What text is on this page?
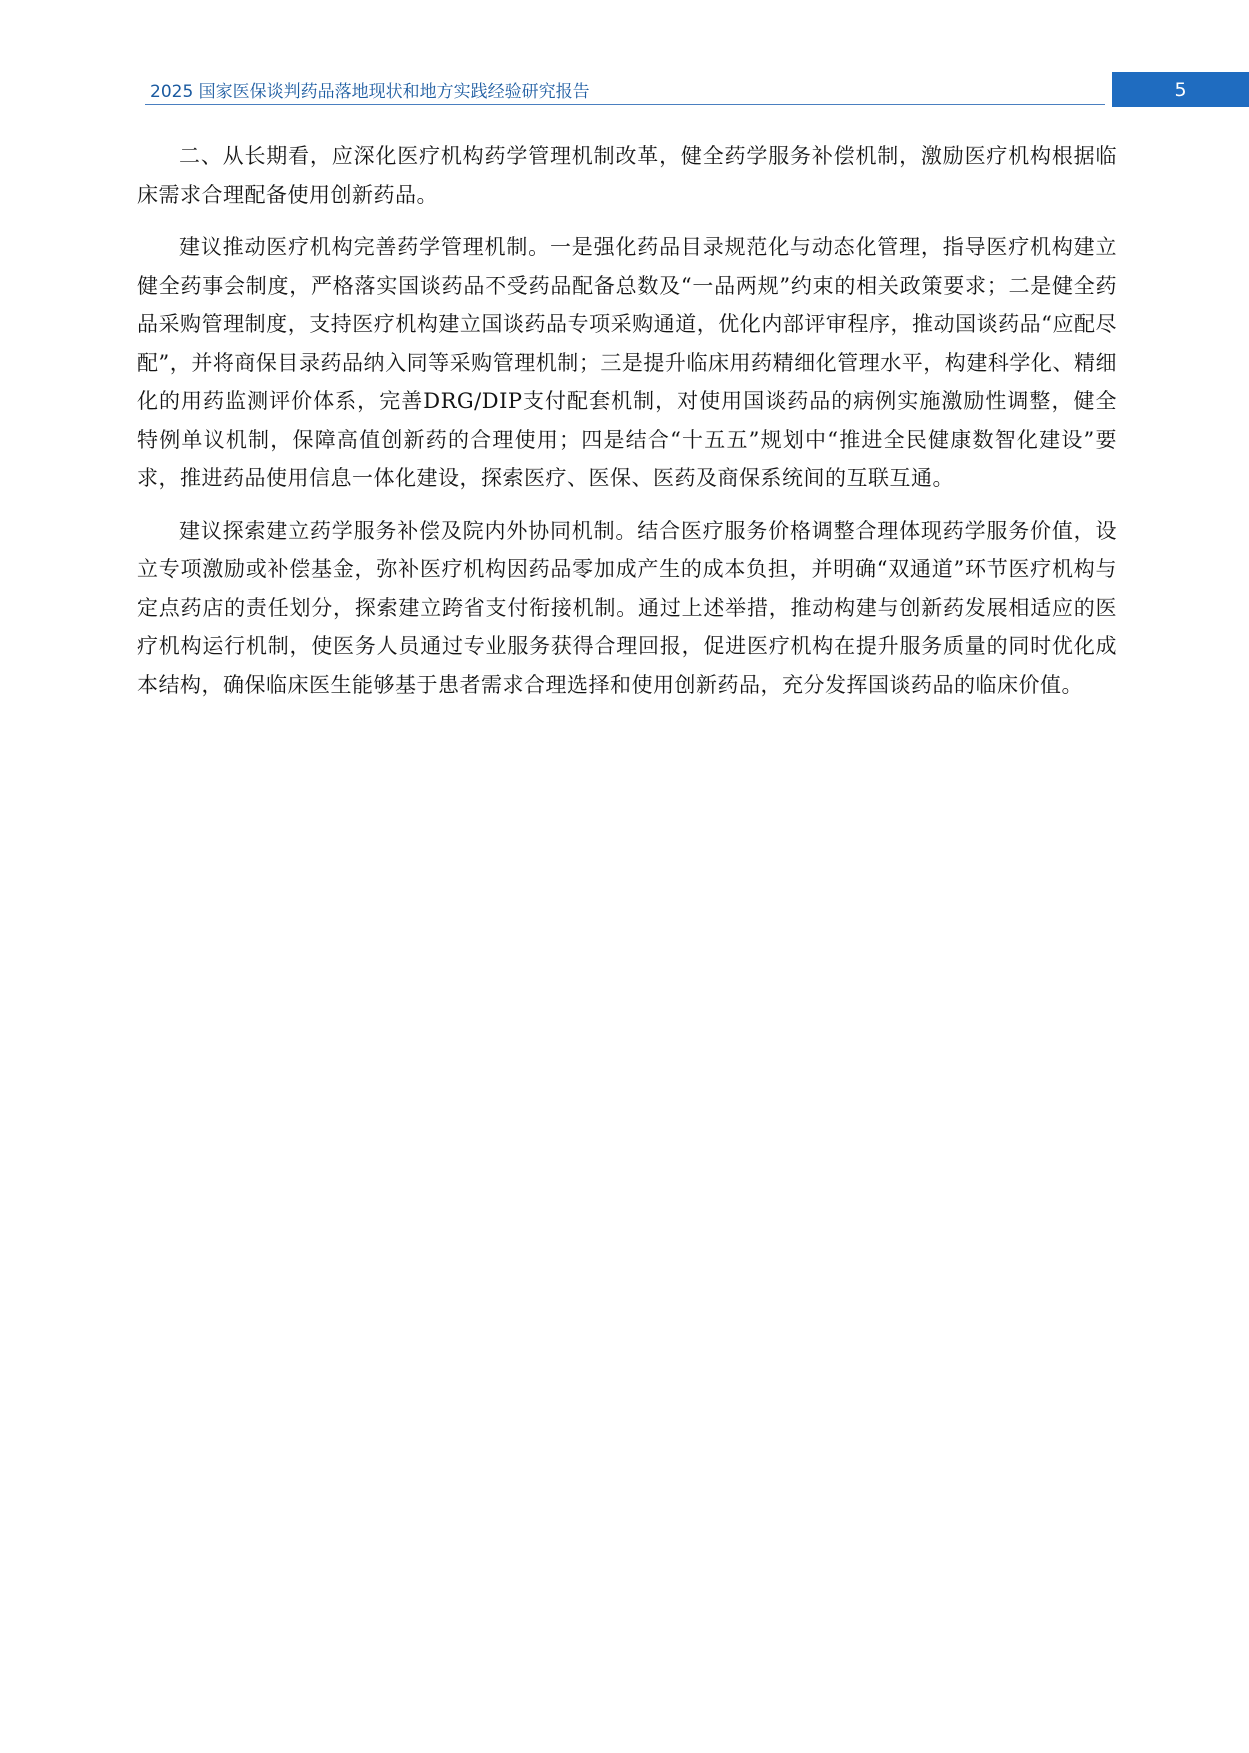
2025 国家医保谈判药品落地现状和地方实践经验研究报告	5

二、从长期看，应深化医疗机构药学管理机制改革，健全药学服务补偿机制，激励医疗机构根据临床需求合理配备使用创新药品。

建议推动医疗机构完善药学管理机制。一是强化药品目录规范化与动态化管理，指导医疗机构建立健全药事会制度，严格落实国谈药品不受药品配备总数及“一品两规”约束的相关政策要求；二是健全药品采购管理制度，支持医疗机构建立国谈药品专项采购通道，优化内部评审程序，推动国谈药品“应配尽配”，并将商保目录药品纳入同等采购管理机制；三是提升临床用药精细化管理水平，构建科学化、精细化的用药监测评价体系，完善DRG/DIP支付配套机制，对使用国谈药品的病例实施激励性调整，健全特例单议机制，保障高值创新药的合理使用；四是结合“十五五”规划中“推进全民健康数智化建设”要求，推进药品使用信息一体化建设，探索医疗、医保、医药及商保系统间的互联互通。

建议探索建立药学服务补偿及院内外协同机制。结合医疗服务价格调整合理体现药学服务价值，设立专项激励或补偿基金，弥补医疗机构因药品零加成产生的成本负担，并明确“双通道”环节医疗机构与定点药店的责任划分，探索建立跨省支付衔接机制。通过上述举措，推动构建与创新药发展相适应的医疗机构运行机制，使医务人员通过专业服务获得合理回报，促进医疗机构在提升服务质量的同时优化成本结构，确保临床医生能够基于患者需求合理选择和使用创新药品，充分发挥国谈药品的临床价值。
